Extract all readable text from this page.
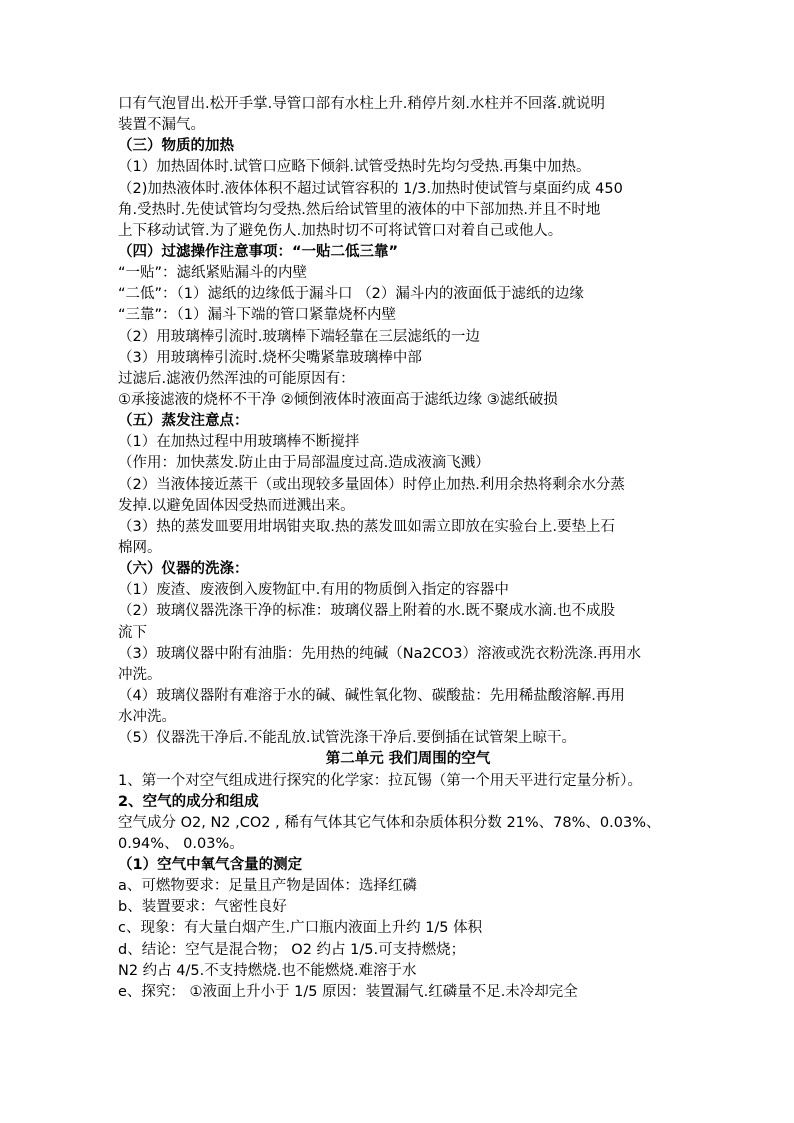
口有气泡冒出.松开手掌.导管口部有水柱上升.稍停片刻.水柱并不回落.就说明
装置不漏气。
（三）物质的加热
（1）加热固体时.试管口应略下倾斜.试管受热时先均匀受热.再集中加热。
（2)加热液体时.液体体积不超过试管容积的 1/3.加热时使试管与桌面约成 450
角.受热时.先使试管均匀受热.然后给试管里的液体的中下部加热.并且不时地
上下移动试管.为了避免伤人.加热时切不可将试管口对着自己或他人。
（四）过滤操作注意事项：“一贴二低三靠”
“一贴”：滤纸紧贴漏斗的内壁
“二低”：（1）滤纸的边缘低于漏斗口 （2）漏斗内的液面低于滤纸的边缘
“三靠”：（1）漏斗下端的管口紧靠烧杯内壁
（2）用玻璃棒引流时.玻璃棒下端轻靠在三层滤纸的一边
（3）用玻璃棒引流时.烧杯尖嘴紧靠玻璃棒中部
过滤后.滤液仍然浑浊的可能原因有：
①承接滤液的烧杯不干净 ②倾倒液体时液面高于滤纸边缘 ③滤纸破损
（五）蒸发注意点：
（1）在加热过程中用玻璃棒不断搅拌
（作用：加快蒸发.防止由于局部温度过高.造成液滴飞溅）
（2）当液体接近蒸干（或出现较多量固体）时停止加热.利用余热将剩余水分蒸
发掉.以避免固体因受热而迸溅出来。
（3）热的蒸发皿要用坩埚钳夹取.热的蒸发皿如需立即放在实验台上.要垫上石
棉网。
（六）仪器的洗涤：
（1）废渣、废液倒入废物缸中.有用的物质倒入指定的容器中
（2）玻璃仪器洗涤干净的标准：玻璃仪器上附着的水.既不聚成水滴.也不成股
流下
（3）玻璃仪器中附有油脂：先用热的纯碱（Na2CO3）溶液或洗衣粉洗涤.再用水
冲洗。
（4）玻璃仪器附有难溶于水的碱、碱性氧化物、碳酸盐：先用稀盐酸溶解.再用
水冲洗。
（5）仪器洗干净后.不能乱放.试管洗涤干净后.要倒插在试管架上晾干。
第二单元 我们周围的空气
1、第一个对空气组成进行探究的化学家：拉瓦锡（第一个用天平进行定量分析）。
2、空气的成分和组成
空气成分 O2, N2 ,CO2 , 稀有气体其它气体和杂质体积分数 21%、78%、0.03%、
0.94%、 0.03%。
（1）空气中氧气含量的测定
a、可燃物要求：足量且产物是固体：选择红磷
b、装置要求：气密性良好
c、现象：有大量白烟产生.广口瓶内液面上升约 1/5 体积
d、结论：空气是混合物； O2 约占 1/5.可支持燃烧；
N2 约占 4/5.不支持燃烧.也不能燃烧.难溶于水
e、探究： ①液面上升小于 1/5 原因：装置漏气.红磷量不足.未冷却完全
